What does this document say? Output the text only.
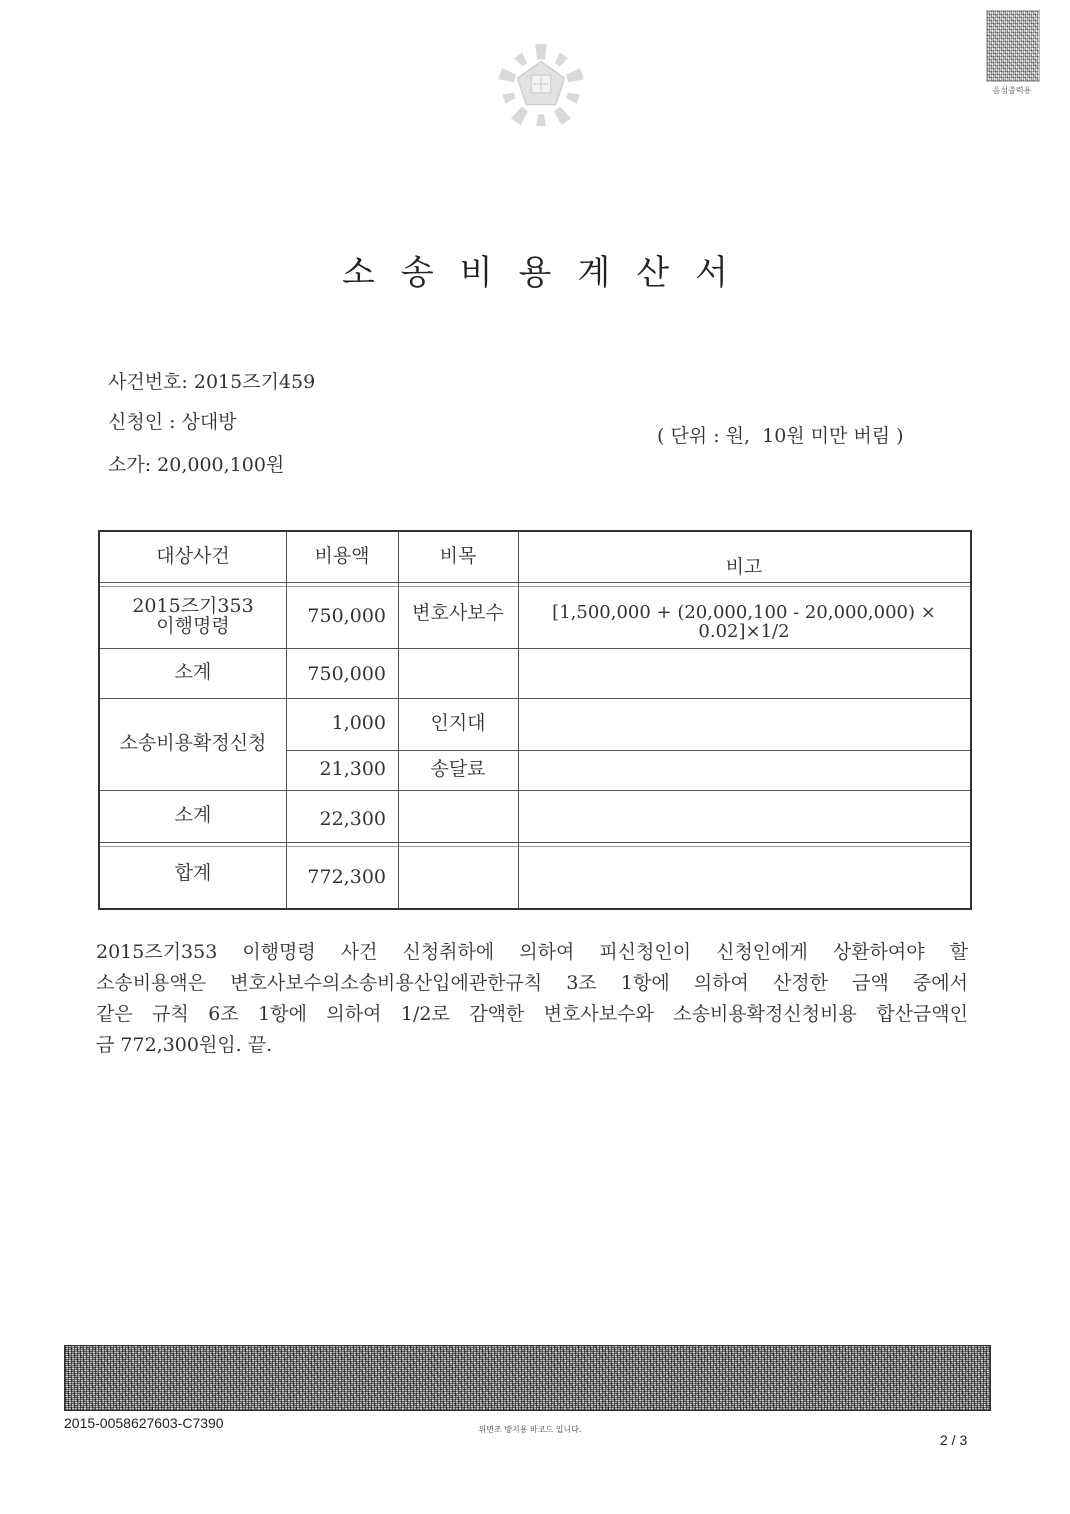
음성출력용
소송비용계산서
사건번호: 2015즈기459
신청인 : 상대방
소가: 20,000,100원
( 단위 : 원,  10원 미만 버림 )
대상사건	비용액	비목	비고
2015즈기353
이행명령	750,000	변호사보수	[1,500,000 + (20,000,100 - 20,000,000) × 0.02]×1/2
소계	750,000
소송비용확정신청
1,000	인지대
21,300	송달료
소계	22,300
합계	772,300
2015즈기353 이행명령 사건 신청취하에 의하여 피신청인이 신청인에게 상환하여야 할
소송비용액은 변호사보수의소송비용산입에관한규칙 3조 1항에 의하여 산정한 금액 중에서
같은 규칙 6조 1항에 의하여 1/2로 감액한 변호사보수와 소송비용확정신청비용 합산금액인
금 772,300원임. 끝.
2015-0058627603-C7390	위변조 방지용 바코드 입니다.
2 / 3
